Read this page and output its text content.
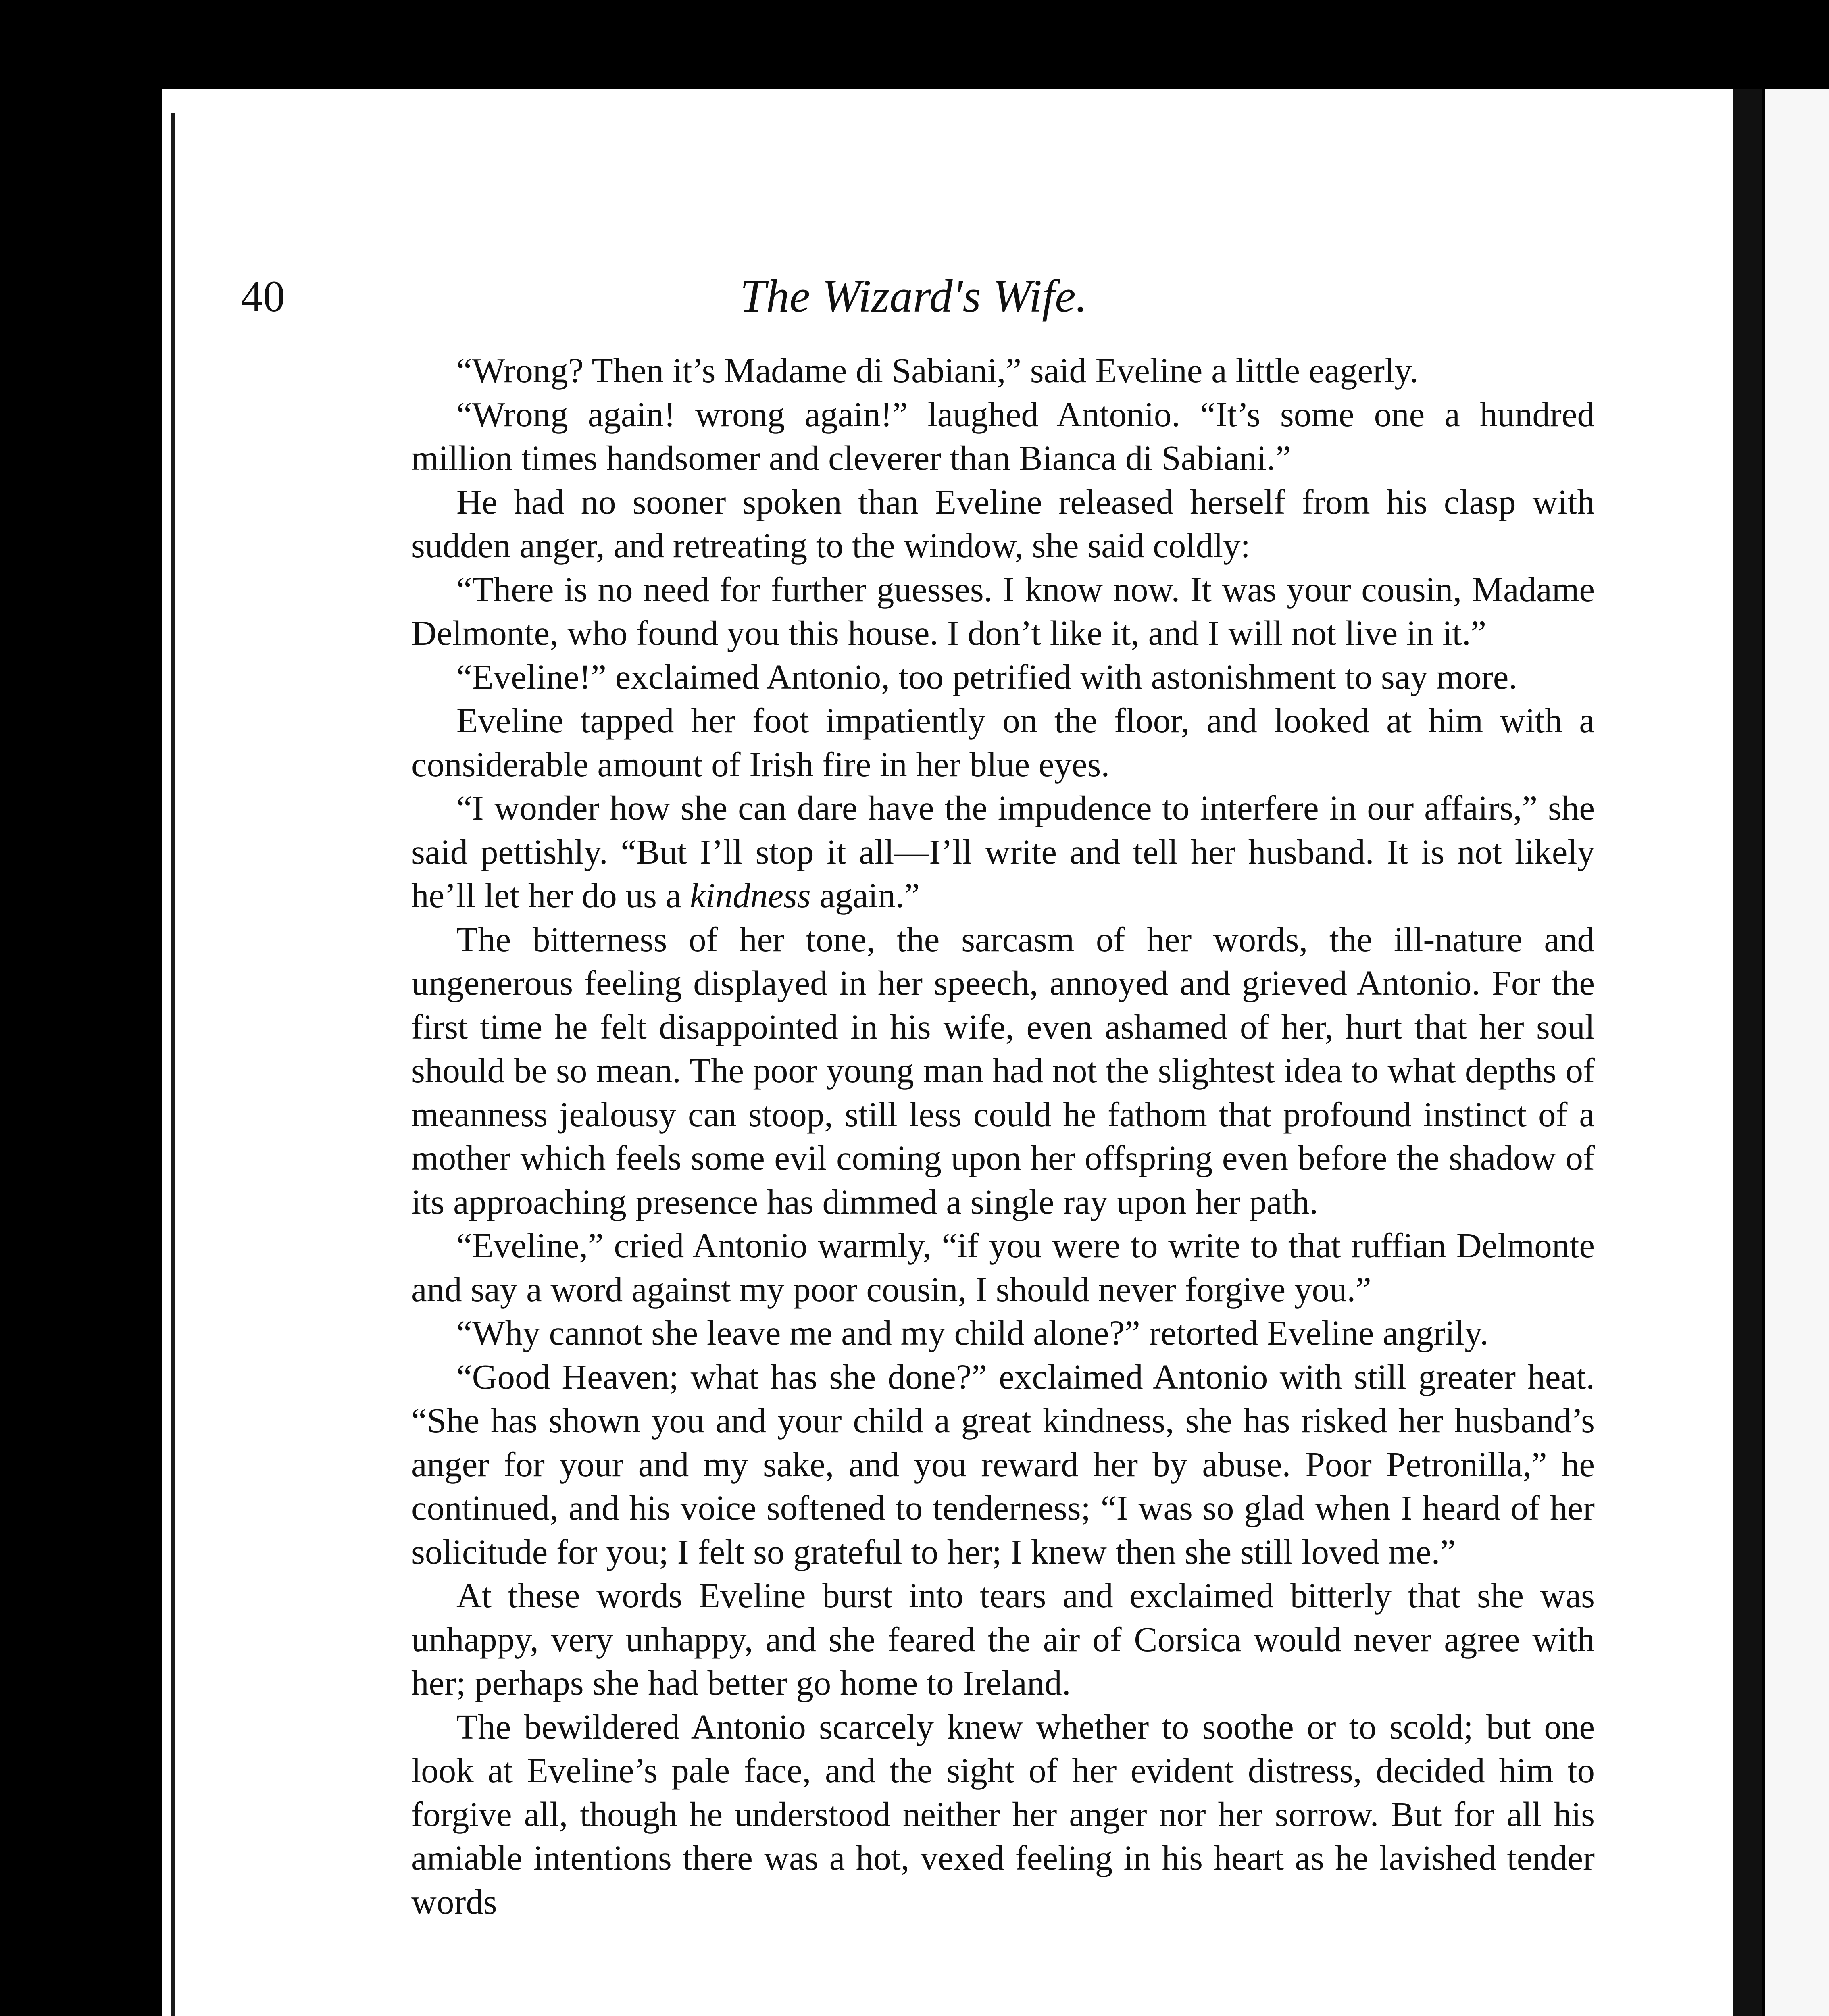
40	The Wizard's Wife.

“Wrong? Then it’s Madame di Sabiani,” said Eveline a little eagerly.

“Wrong again! wrong again!” laughed Antonio. “It’s some one a hundred million times handsomer and cleverer than Bianca di Sabiani.”

He had no sooner spoken than Eveline released herself from his clasp with sudden anger, and retreating to the window, she said coldly:

“There is no need for further guesses. I know now. It was your cousin, Madame Delmonte, who found you this house. I don’t like it, and I will not live in it.”

“Eveline!” exclaimed Antonio, too petrified with astonishment to say more.

Eveline tapped her foot impatiently on the floor, and looked at him with a considerable amount of Irish fire in her blue eyes.

“I wonder how she can dare have the impudence to interfere in our affairs,” she said pettishly. “But I’ll stop it all—I’ll write and tell her husband. It is not likely he’ll let her do us a kindness again.”

The bitterness of her tone, the sarcasm of her words, the ill-nature and ungenerous feeling displayed in her speech, annoyed and grieved Antonio. For the first time he felt disappointed in his wife, even ashamed of her, hurt that her soul should be so mean. The poor young man had not the slightest idea to what depths of meanness jealousy can stoop, still less could he fathom that profound instinct of a mother which feels some evil coming upon her offspring even before the shadow of its approaching presence has dimmed a single ray upon her path.

“Eveline,” cried Antonio warmly, “if you were to write to that ruffian Delmonte and say a word against my poor cousin, I should never forgive you.”

“Why cannot she leave me and my child alone?” retorted Eveline angrily.

“Good Heaven; what has she done?” exclaimed Antonio with still greater heat. “She has shown you and your child a great kindness, she has risked her husband’s anger for your and my sake, and you reward her by abuse. Poor Petronilla,” he continued, and his voice softened to tenderness; “I was so glad when I heard of her solicitude for you; I felt so grateful to her; I knew then she still loved me.”

At these words Eveline burst into tears and exclaimed bitterly that she was unhappy, very unhappy, and she feared the air of Corsica would never agree with her; perhaps she had better go home to Ireland.

The bewildered Antonio scarcely knew whether to soothe or to scold; but one look at Eveline’s pale face, and the sight of her evident distress, decided him to forgive all, though he understood neither her anger nor her sorrow. But for all his amiable intentions there was a hot, vexed feeling in his heart as he lavished tender words
